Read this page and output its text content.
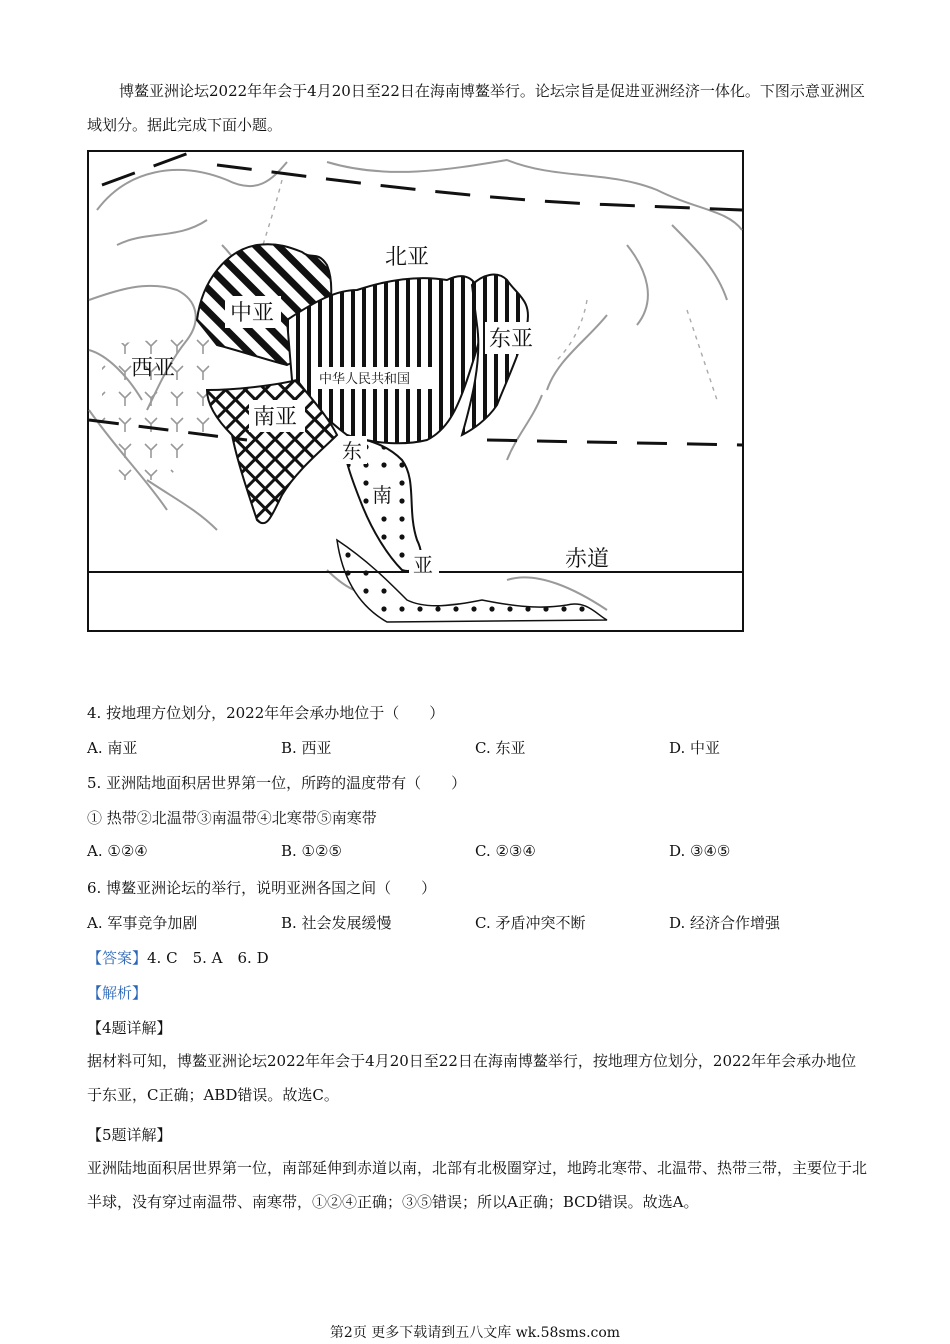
博鳌亚洲论坛2022年年会于4月20日至22日在海南博鳌举行。论坛宗旨是促进亚洲经济一体化。下图示意亚洲区域划分。据此完成下面小题。
北亚
中亚
西亚
南亚
东亚
中华人民共和国
东
南
亚	赤道
4. 按地理方位划分，2022年年会承办地位于（　　）
A. 南亚	B. 西亚	C. 东亚	D. 中亚
5. 亚洲陆地面积居世界第一位，所跨的温度带有（　　）
① 热带②北温带③南温带④北寒带⑤南寒带
A. ①②④	B. ①②⑤	C. ②③④	D. ③④⑤
6. 博鳌亚洲论坛的举行，说明亚洲各国之间（　　）
A. 军事竞争加剧	B. 社会发展缓慢	C. 矛盾冲突不断	D. 经济合作增强
【答案】4. C　5. A　6. D
【解析】
【4题详解】
据材料可知，博鳌亚洲论坛2022年年会于4月20日至22日在海南博鳌举行，按地理方位划分，2022年年会承办地位于东亚，C正确；ABD错误。故选C。
【5题详解】
亚洲陆地面积居世界第一位，南部延伸到赤道以南，北部有北极圈穿过，地跨北寒带、北温带、热带三带，主要位于北半球，没有穿过南温带、南寒带，①②④正确；③⑤错误；所以A正确；BCD错误。故选A。
第2页 更多下载请到五八文库 wk.58sms.com
